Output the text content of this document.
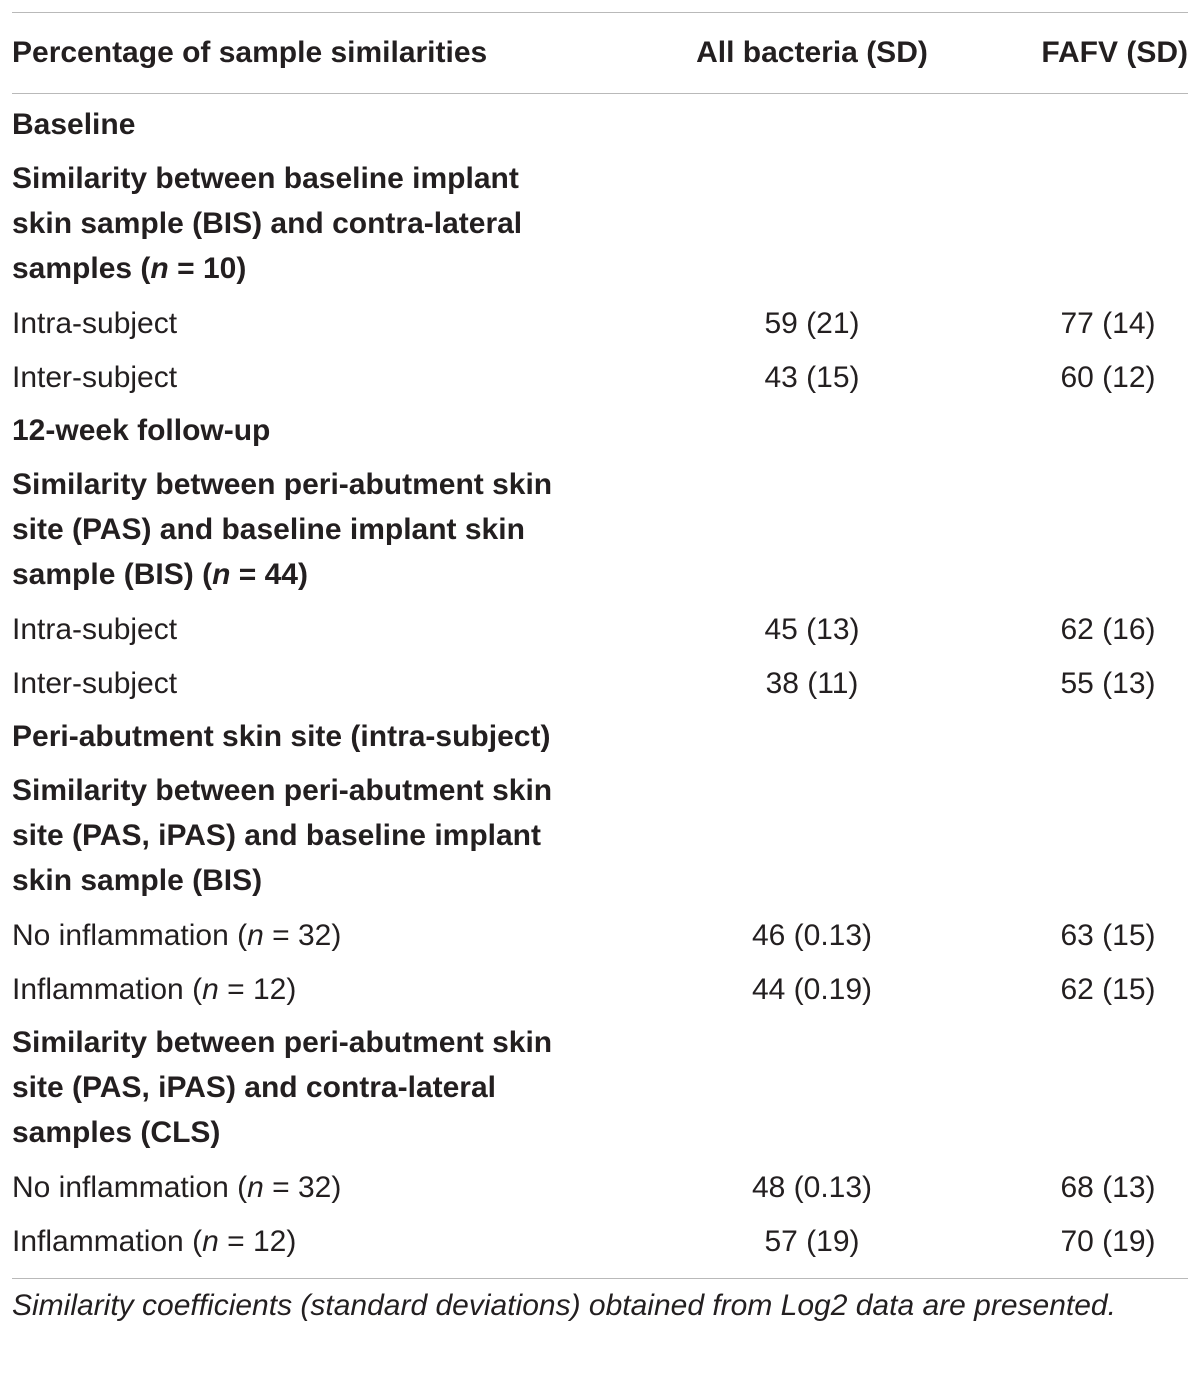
Percentage of sample similarities	All bacteria (SD)	FAFV (SD)
Baseline
Similarity between baseline implant skin sample (BIS) and contra-lateral samples (n = 10)
Intra-subject	59 (21)	77 (14)
Inter-subject	43 (15)	60 (12)
12-week follow-up
Similarity between peri-abutment skin site (PAS) and baseline implant skin sample (BIS) (n = 44)
Intra-subject	45 (13)	62 (16)
Inter-subject	38 (11)	55 (13)
Peri-abutment skin site (intra-subject)
Similarity between peri-abutment skin site (PAS, iPAS) and baseline implant skin sample (BIS)
No inflammation (n = 32)	46 (0.13)	63 (15)
Inflammation (n = 12)	44 (0.19)	62 (15)
Similarity between peri-abutment skin site (PAS, iPAS) and contra-lateral samples (CLS)
No inflammation (n = 32)	48 (0.13)	68 (13)
Inflammation (n = 12)	57 (19)	70 (19)
Similarity coefficients (standard deviations) obtained from Log2 data are presented.
